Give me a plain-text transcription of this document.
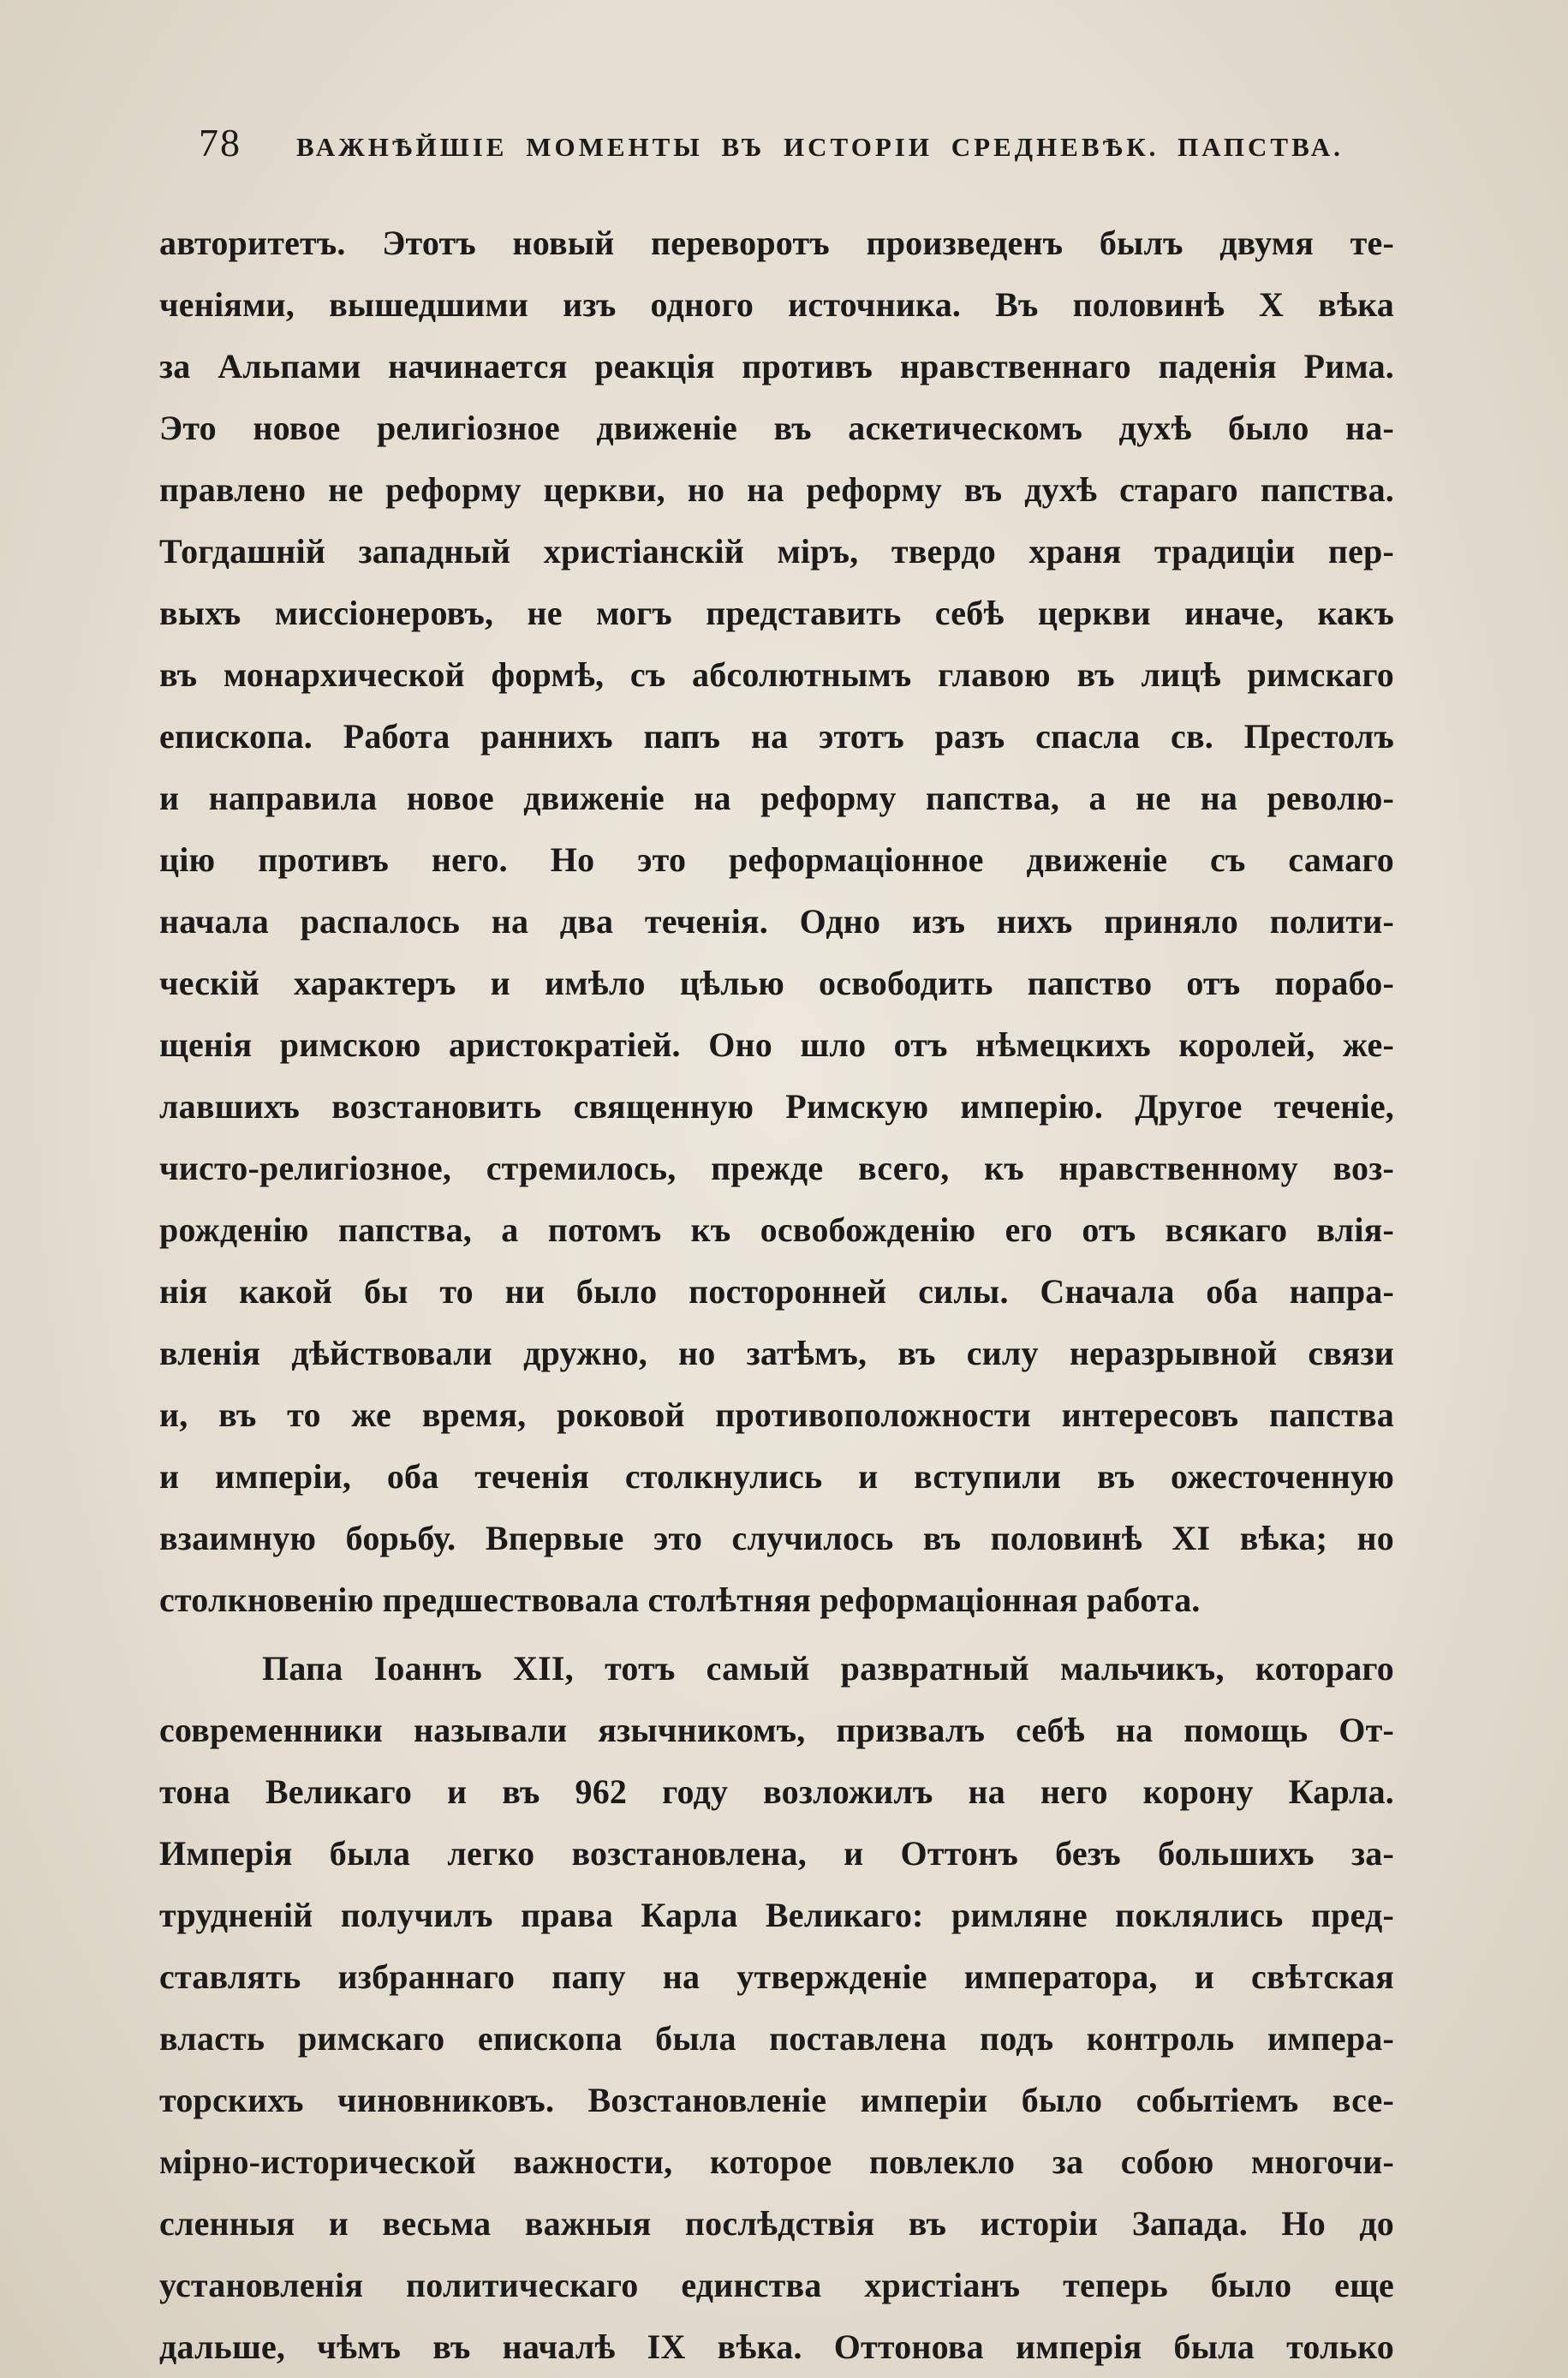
78 ВАЖНѢЙШІЕ МОМЕНТЫ ВЪ ИСТОРІИ СРЕДНЕВѢК. ПАПСТВА.
авторитетъ. Этотъ новый переворотъ произведенъ былъ двумя те-
ченіями, вышедшими изъ одного источника. Въ половинѣ X вѣка
за Альпами начинается реакція противъ нравственнаго паденія Рима.
Это новое религіозное движеніе въ аскетическомъ духѣ было на-
правлено не реформу церкви, но на реформу въ духѣ стараго папства.
Тогдашній западный христіанскій міръ, твердо храня традиціи пер-
выхъ миссіонеровъ, не могъ представить себѣ церкви иначе, какъ
въ монархической формѣ, съ абсолютнымъ главою въ лицѣ римскаго
епископа. Работа раннихъ папъ на этотъ разъ спасла св. Престолъ
и направила новое движеніе на реформу папства, а не на револю-
цію противъ него. Но это реформаціонное движеніе съ самаго
начала распалось на два теченія. Одно изъ нихъ приняло полити-
ческій характеръ и имѣло цѣлью освободить папство отъ порабо-
щенія римскою аристократіей. Оно шло отъ нѣмецкихъ королей, же-
лавшихъ возстановить священную Римскую имперію. Другое теченіе,
чисто-религіозное, стремилось, прежде всего, къ нравственному воз-
рожденію папства, а потомъ къ освобожденію его отъ всякаго влія-
нія какой бы то ни было посторонней силы. Сначала оба напра-
вленія дѣйствовали дружно, но затѣмъ, въ силу неразрывной связи
и, въ то же время, роковой противоположности интересовъ папства
и имперіи, оба теченія столкнулись и вступили въ ожесточенную
взаимную борьбу. Впервые это случилось въ половинѣ XI вѣка; но
столкновенію предшествовала столѣтняя реформаціонная работа.
Папа Іоаннъ XII, тотъ самый развратный мальчикъ, котораго
современники называли язычникомъ, призвалъ себѣ на помощь От-
тона Великаго и въ 962 году возложилъ на него корону Карла.
Имперія была легко возстановлена, и Оттонъ безъ большихъ за-
трудненій получилъ права Карла Великаго: римляне поклялись пред-
ставлять избраннаго папу на утвержденіе императора, и свѣтская
власть римскаго епископа была поставлена подъ контроль импера-
торскихъ чиновниковъ. Возстановленіе имперіи было событіемъ все-
мірно-исторической важности, которое повлекло за собою многочи-
сленныя и весьма важныя послѣдствія въ исторіи Запада. Но до
установленія политическаго единства христіанъ теперь было еще
дальше, чѣмъ въ началѣ IX вѣка. Оттонова имперія была только
